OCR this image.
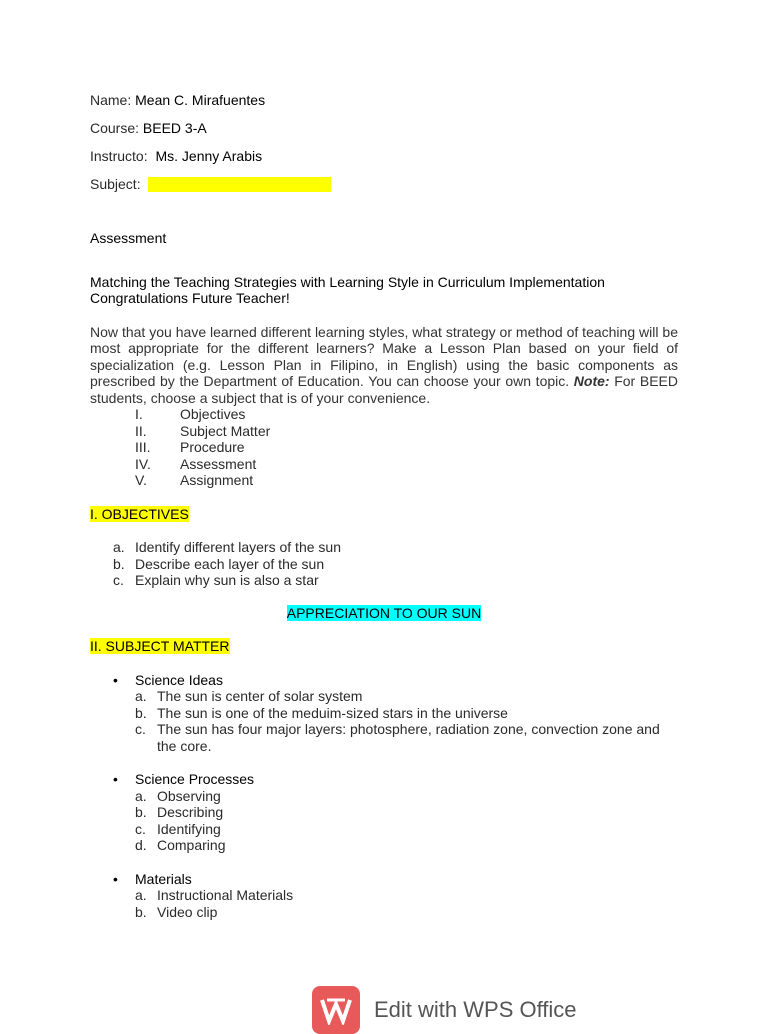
Name: Mean C. Mirafuentes
Course: BEED 3-A
Instructo: Ms. Jenny Arabis
Subject:
Assessment
Matching the Teaching Strategies with Learning Style in Curriculum Implementation
Congratulations Future Teacher!
Now that you have learned different learning styles, what strategy or method of teaching will be most appropriate for the different learners? Make a Lesson Plan based on your field of specialization (e.g. Lesson Plan in Filipino, in English) using the basic components as prescribed by the Department of Education. You can choose your own topic. Note: For BEED students, choose a subject that is of your convenience.
I.	Objectives
II.	Subject Matter
III.	Procedure
IV.	Assessment
V.	Assignment
I. OBJECTIVES
a. Identify different layers of the sun
b. Describe each layer of the sun
c. Explain why sun is also a star
APPRECIATION TO OUR SUN
II. SUBJECT MATTER
•	Science Ideas
a. The sun is center of solar system
b. The sun is one of the meduim-sized stars in the universe
c. The sun has four major layers: photosphere, radiation zone, convection zone and the core.
•	Science Processes
a. Observing
b. Describing
c. Identifying
d. Comparing
•	Materials
a. Instructional Materials
b. Video clip
Edit with WPS Office
